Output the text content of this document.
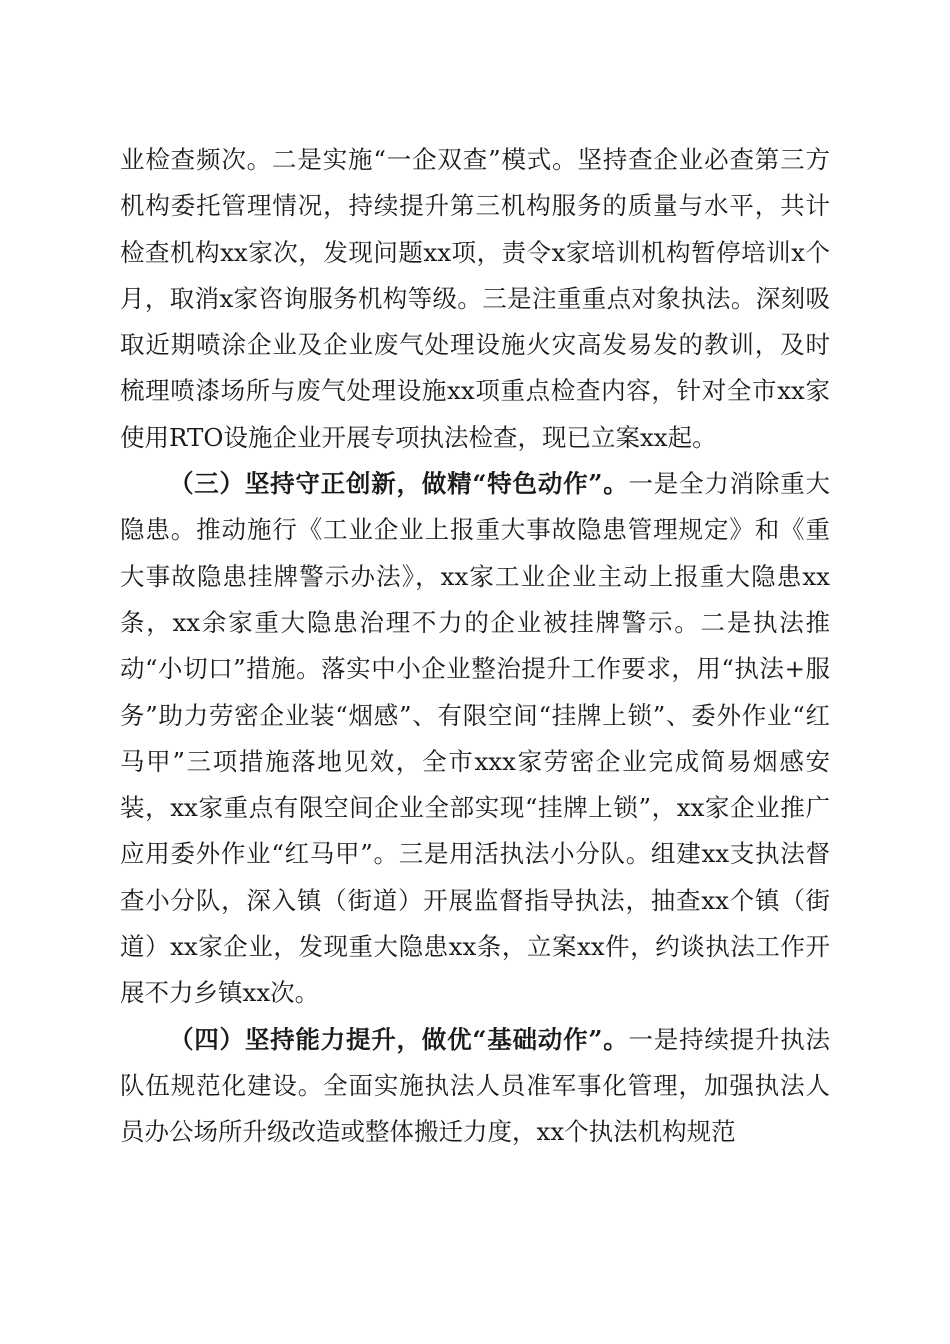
业检查频次。二是实施“一企双查”模式。坚持查企业必查第三方机构委托管理情况，持续提升第三机构服务的质量与水平，共计检查机构xx家次，发现问题xx项，责令x家培训机构暂停培训x个月，取消x家咨询服务机构等级。三是注重重点对象执法。深刻吸取近期喷涂企业及企业废气处理设施火灾高发易发的教训，及时梳理喷漆场所与废气处理设施xx项重点检查内容，针对全市xx家使用RTO设施企业开展专项执法检查，现已立案xx起。

（三）坚持守正创新，做精“特色动作”。一是全力消除重大隐患。推动施行《工业企业上报重大事故隐患管理规定》和《重大事故隐患挂牌警示办法》，xx家工业企业主动上报重大隐患xx条，xx余家重大隐患治理不力的企业被挂牌警示。二是执法推动“小切口”措施。落实中小企业整治提升工作要求，用“执法+服务”助力劳密企业装“烟感”、有限空间“挂牌上锁”、委外作业“红马甲”三项措施落地见效，全市xxx家劳密企业完成简易烟感安装，xx家重点有限空间企业全部实现“挂牌上锁”，xx家企业推广应用委外作业“红马甲”。三是用活执法小分队。组建xx支执法督查小分队，深入镇（街道）开展监督指导执法，抽查xx个镇（街道）xx家企业，发现重大隐患xx条，立案xx件，约谈执法工作开展不力乡镇xx次。

（四）坚持能力提升，做优“基础动作”。一是持续提升执法队伍规范化建设。全面实施执法人员准军事化管理，加强执法人员办公场所升级改造或整体搬迁力度，xx个执法机构规范
